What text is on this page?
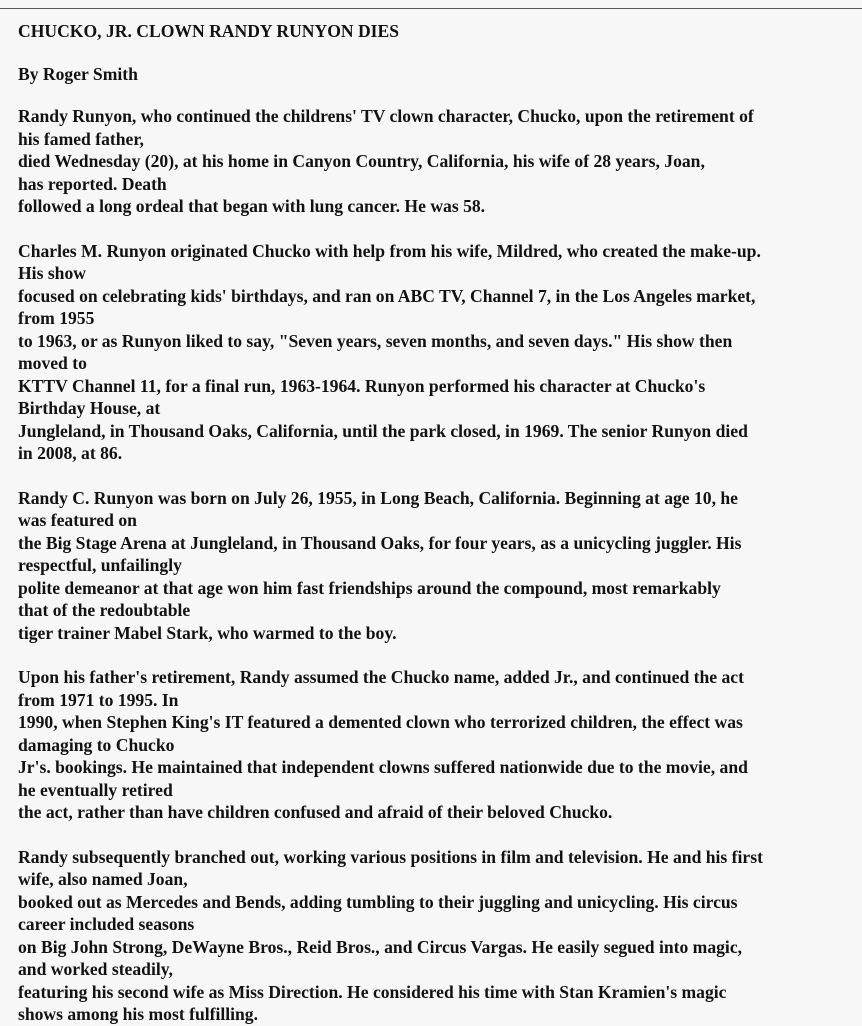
CHUCKO, JR. CLOWN RANDY RUNYON DIES
By Roger Smith
Randy Runyon, who continued the childrens' TV clown character, Chucko, upon the retirement of
his famed father,
died Wednesday (20), at his home in Canyon Country, California, his wife of 28 years, Joan,
has reported. Death
followed a long ordeal that began with lung cancer. He was 58.
Charles M. Runyon originated Chucko with help from his wife, Mildred, who created the make-up.
His show
focused on celebrating kids' birthdays, and ran on ABC TV, Channel 7, in the Los Angeles market,
from 1955
to 1963, or as Runyon liked to say, "Seven years, seven months, and seven days." His show then
moved to
KTTV Channel 11, for a final run, 1963-1964. Runyon performed his character at Chucko's
Birthday House, at
Jungleland, in Thousand Oaks, California, until the park closed, in 1969. The senior Runyon died
in 2008, at 86.
Randy C. Runyon was born on July 26, 1955, in Long Beach, California. Beginning at age 10, he
was featured on
the Big Stage Arena at Jungleland, in Thousand Oaks, for four years, as a unicycling juggler. His
respectful, unfailingly
polite demeanor at that age won him fast friendships around the compound, most remarkably
that of the redoubtable
tiger trainer Mabel Stark, who warmed to the boy.
Upon his father's retirement, Randy assumed the Chucko name, added Jr., and continued the act
from 1971 to 1995. In
1990, when Stephen King's IT featured a demented clown who terrorized children, the effect was
damaging to Chucko
Jr's. bookings. He maintained that independent clowns suffered nationwide due to the movie, and
he eventually retired
the act, rather than have children confused and afraid of their beloved Chucko.
Randy subsequently branched out, working various positions in film and television. He and his first
wife, also named Joan,
booked out as Mercedes and Bends, adding tumbling to their juggling and unicycling. His circus
career included seasons
on Big John Strong, DeWayne Bros., Reid Bros., and Circus Vargas. He easily segued into magic,
and worked steadily,
featuring his second wife as Miss Direction. He considered his time with Stan Kramien's magic
shows among his most fulfilling.
